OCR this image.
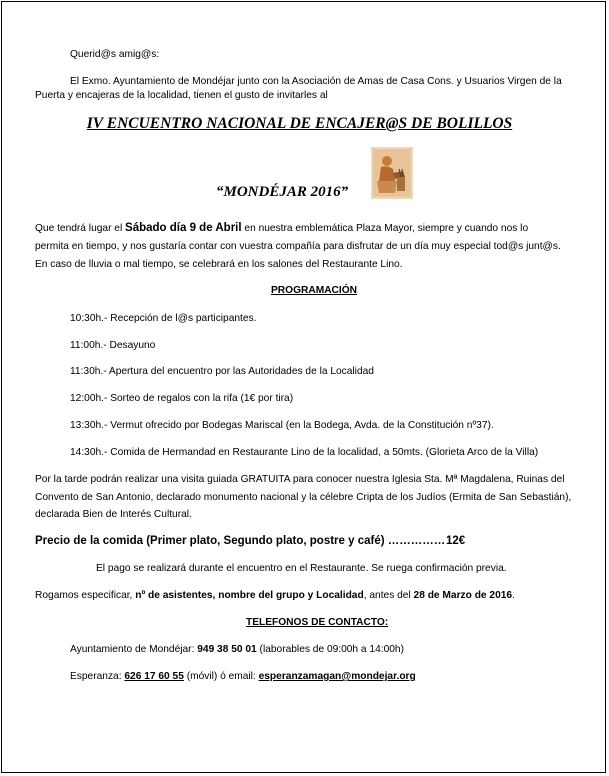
Querid@s amig@s:
El Exmo. Ayuntamiento de Mondéjar junto con la Asociación de Amas de Casa Cons. y Usuarios Virgen de la
Puerta y encajeras de la localidad, tienen el gusto de invitarles al
IV ENCUENTRO NACIONAL DE ENCAJER@S DE BOLILLOS
“MONDÉJAR 2016”
Que tendrá lugar el Sábado día 9 de Abril en nuestra emblemática Plaza Mayor, siempre y cuando nos lo
permita en tiempo, y nos gustaría contar con vuestra compañía para disfrutar de un día muy especial tod@s junt@s.
En caso de lluvia o mal tiempo, se celebrará en los salones del Restaurante Lino.
PROGRAMACIÓN
10:30h.- Recepción de l@s participantes.
11:00h.- Desayuno
11:30h.- Apertura del encuentro por las Autoridades de la Localidad
12:00h.- Sorteo de regalos con la rifa (1€ por tira)
13:30h.- Vermut ofrecido por Bodegas Mariscal (en la Bodega, Avda. de la Constitución nº37).
14:30h.- Comida de Hermandad en Restaurante Lino de la localidad, a 50mts. (Glorieta Arco de la Villa)
Por la tarde podrán realizar una visita guiada GRATUITA para conocer nuestra Iglesia Sta. Mª Magdalena, Ruinas del
Convento de San Antonio, declarado monumento nacional y la célebre Cripta de los Judíos (Ermita de San Sebastián),
declarada Bien de Interés Cultural.
Precio de la comida (Primer plato, Segundo plato, postre y café) …………… 12€
El pago se realizará durante el encuentro en el Restaurante. Se ruega confirmación previa.
Rogamos especificar, nº de asistentes, nombre del grupo y Localidad, antes del 28 de Marzo de 2016.
TELEFONOS DE CONTACTO:
Ayuntamiento de Mondéjar: 949 38 50 01 (laborables de 09:00h a 14:00h)
Esperanza: 626 17 60 55 (móvil) ó email: esperanzamagan@mondejar.org
